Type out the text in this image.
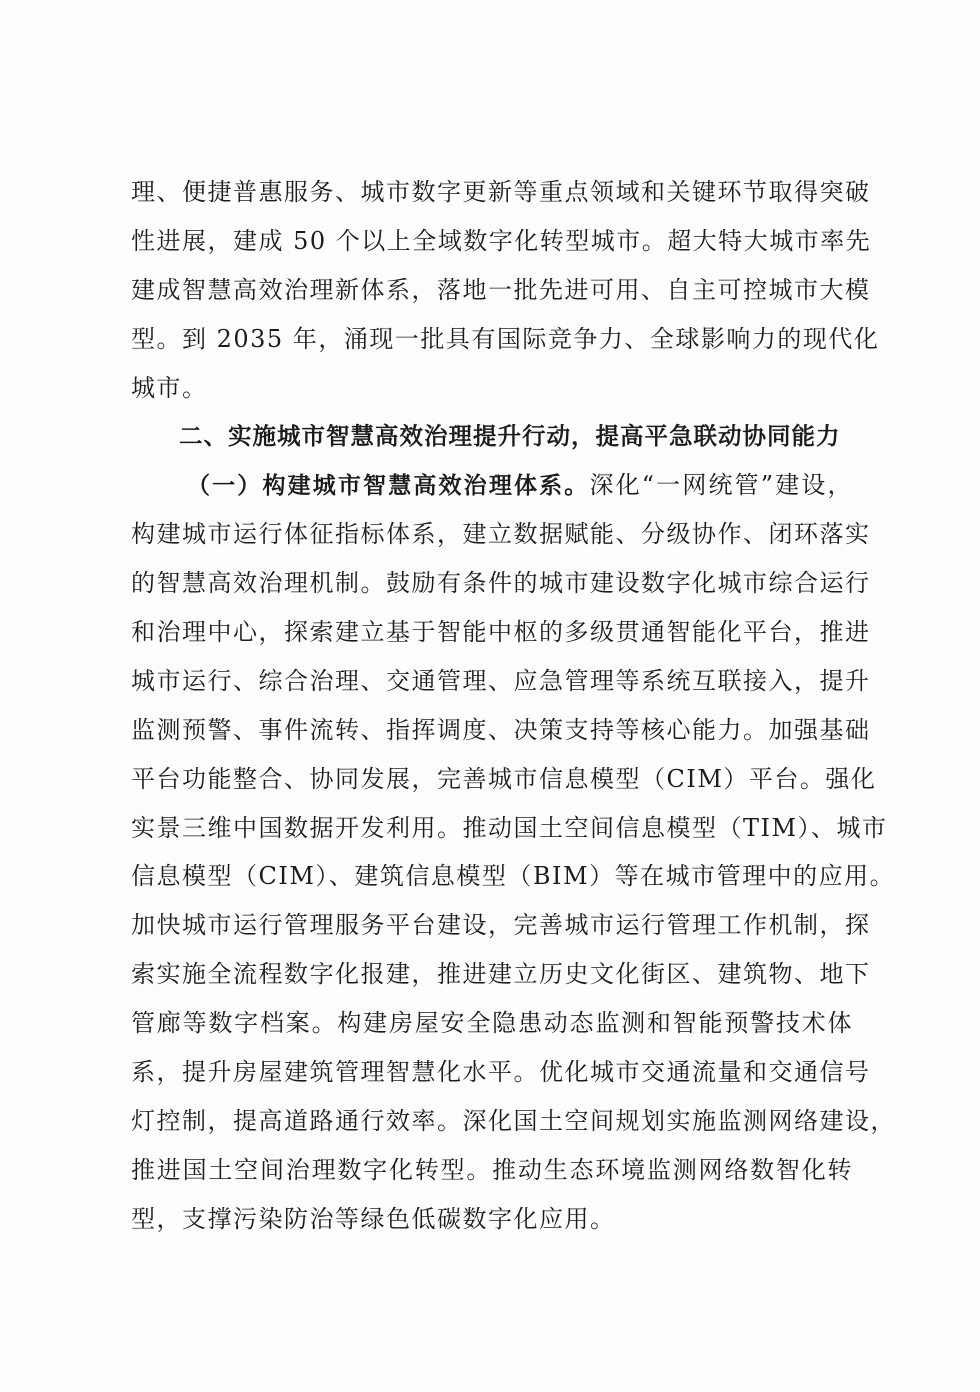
理、便捷普惠服务、城市数字更新等重点领域和关键环节取得突破
性进展，建成 50 个以上全域数字化转型城市。超大特大城市率先
建成智慧高效治理新体系，落地一批先进可用、自主可控城市大模
型。到 2035 年，涌现一批具有国际竞争力、全球影响力的现代化
城市。
二、实施城市智慧高效治理提升行动，提高平急联动协同能力
（一）构建城市智慧高效治理体系。深化“一网统管”建设，
构建城市运行体征指标体系，建立数据赋能、分级协作、闭环落实
的智慧高效治理机制。鼓励有条件的城市建设数字化城市综合运行
和治理中心，探索建立基于智能中枢的多级贯通智能化平台，推进
城市运行、综合治理、交通管理、应急管理等系统互联接入，提升
监测预警、事件流转、指挥调度、决策支持等核心能力。加强基础
平台功能整合、协同发展，完善城市信息模型（CIM）平台。强化
实景三维中国数据开发利用。推动国土空间信息模型（TIM）、城市
信息模型（CIM）、建筑信息模型（BIM）等在城市管理中的应用。
加快城市运行管理服务平台建设，完善城市运行管理工作机制，探
索实施全流程数字化报建，推进建立历史文化街区、建筑物、地下
管廊等数字档案。构建房屋安全隐患动态监测和智能预警技术体
系，提升房屋建筑管理智慧化水平。优化城市交通流量和交通信号
灯控制，提高道路通行效率。深化国土空间规划实施监测网络建设，
推进国土空间治理数字化转型。推动生态环境监测网络数智化转
型，支撑污染防治等绿色低碳数字化应用。
